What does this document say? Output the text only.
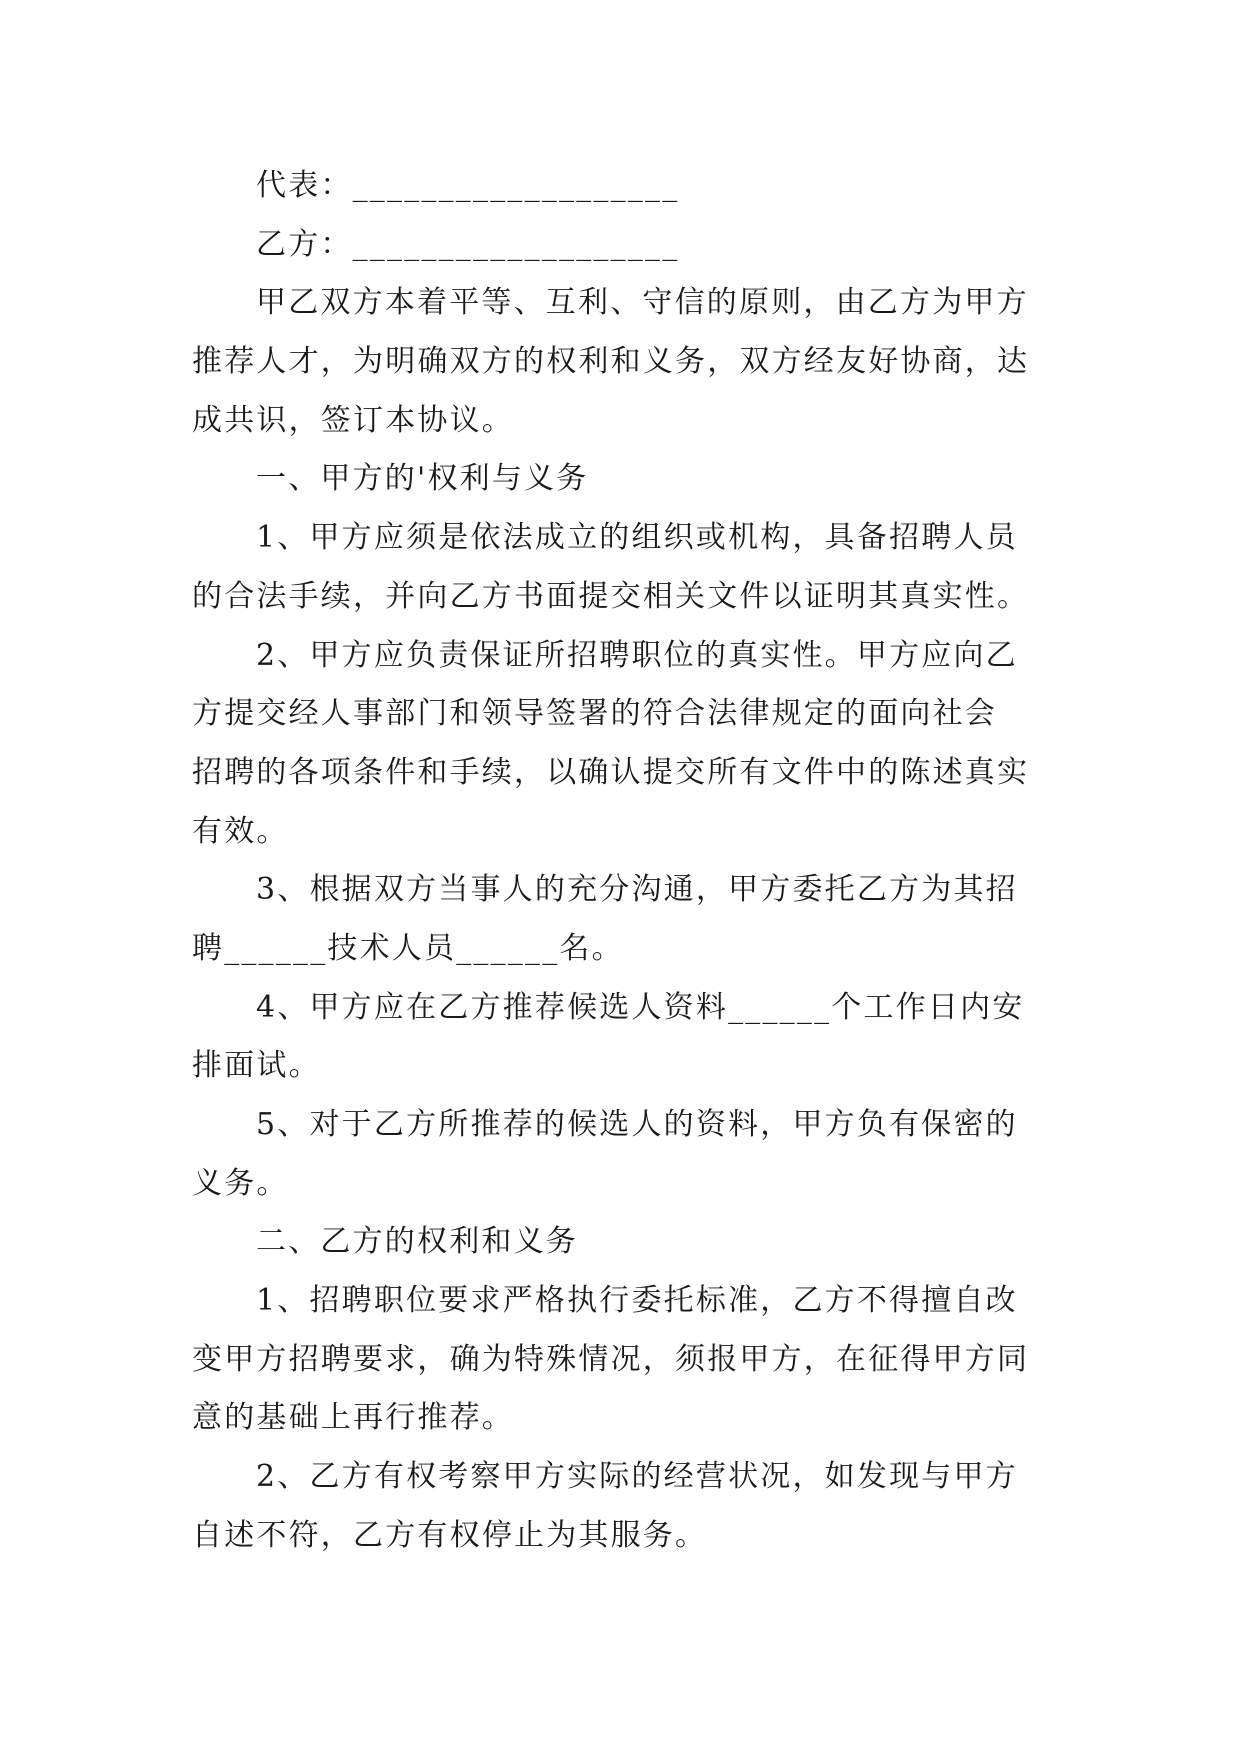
代表：___________________

乙方：___________________

甲乙双方本着平等、互利、守信的原则，由乙方为甲方

推荐人才，为明确双方的权利和义务，双方经友好协商，达

成共识，签订本协议。

一、甲方的'权利与义务

1、甲方应须是依法成立的组织或机构，具备招聘人员

的合法手续，并向乙方书面提交相关文件以证明其真实性。

2、甲方应负责保证所招聘职位的真实性。甲方应向乙

方提交经人事部门和领导签署的符合法律规定的面向社会

招聘的各项条件和手续，以确认提交所有文件中的陈述真实

有效。

3、根据双方当事人的充分沟通，甲方委托乙方为其招

聘______技术人员______名。

4、甲方应在乙方推荐候选人资料______个工作日内安

排面试。

5、对于乙方所推荐的候选人的资料，甲方负有保密的

义务。

二、乙方的权利和义务

1、招聘职位要求严格执行委托标准，乙方不得擅自改

变甲方招聘要求，确为特殊情况，须报甲方，在征得甲方同

意的基础上再行推荐。

2、乙方有权考察甲方实际的经营状况，如发现与甲方

自述不符，乙方有权停止为其服务。
